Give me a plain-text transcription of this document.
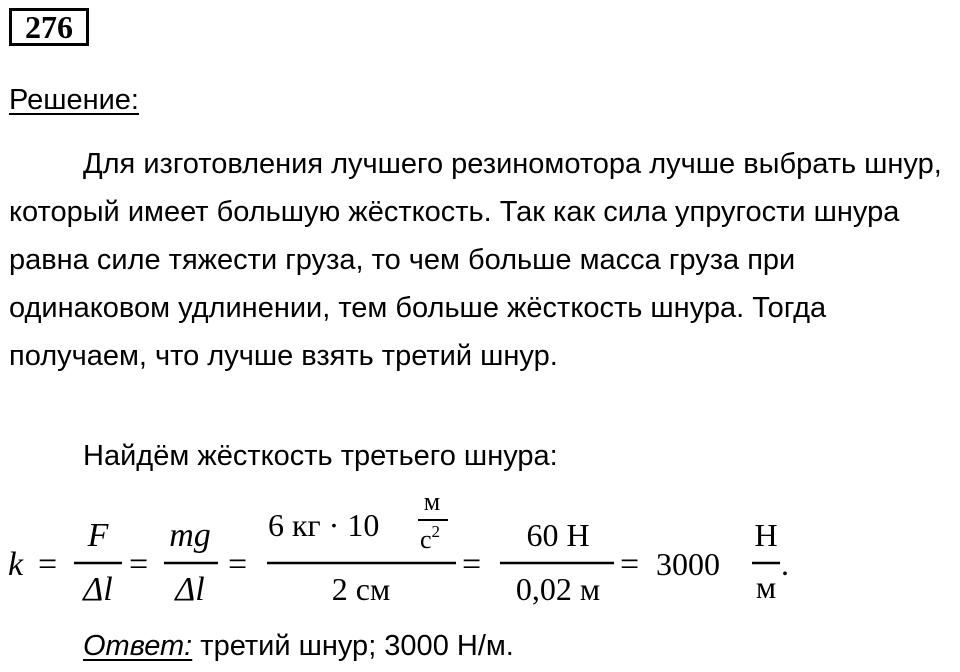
276
Решение:

Для изготовления лучшего резиномотора лучше выбрать шнур, который имеет большую жёсткость. Так как сила упругости шнура равна силе тяжести груза, то чем больше масса груза при одинаковом удлинении, тем больше жёсткость шнура. Тогда получаем, что лучше взять третий шнур.

Найдём жёсткость третьего шнура:
k =
F
Δl
=
mg
Δl
=
6 кг · 10
м
$с^2$
2 см
=
60 Н
0,02 м
= 3000
Н
м
.
Ответ: третий шнур; 3000 Н/м.
